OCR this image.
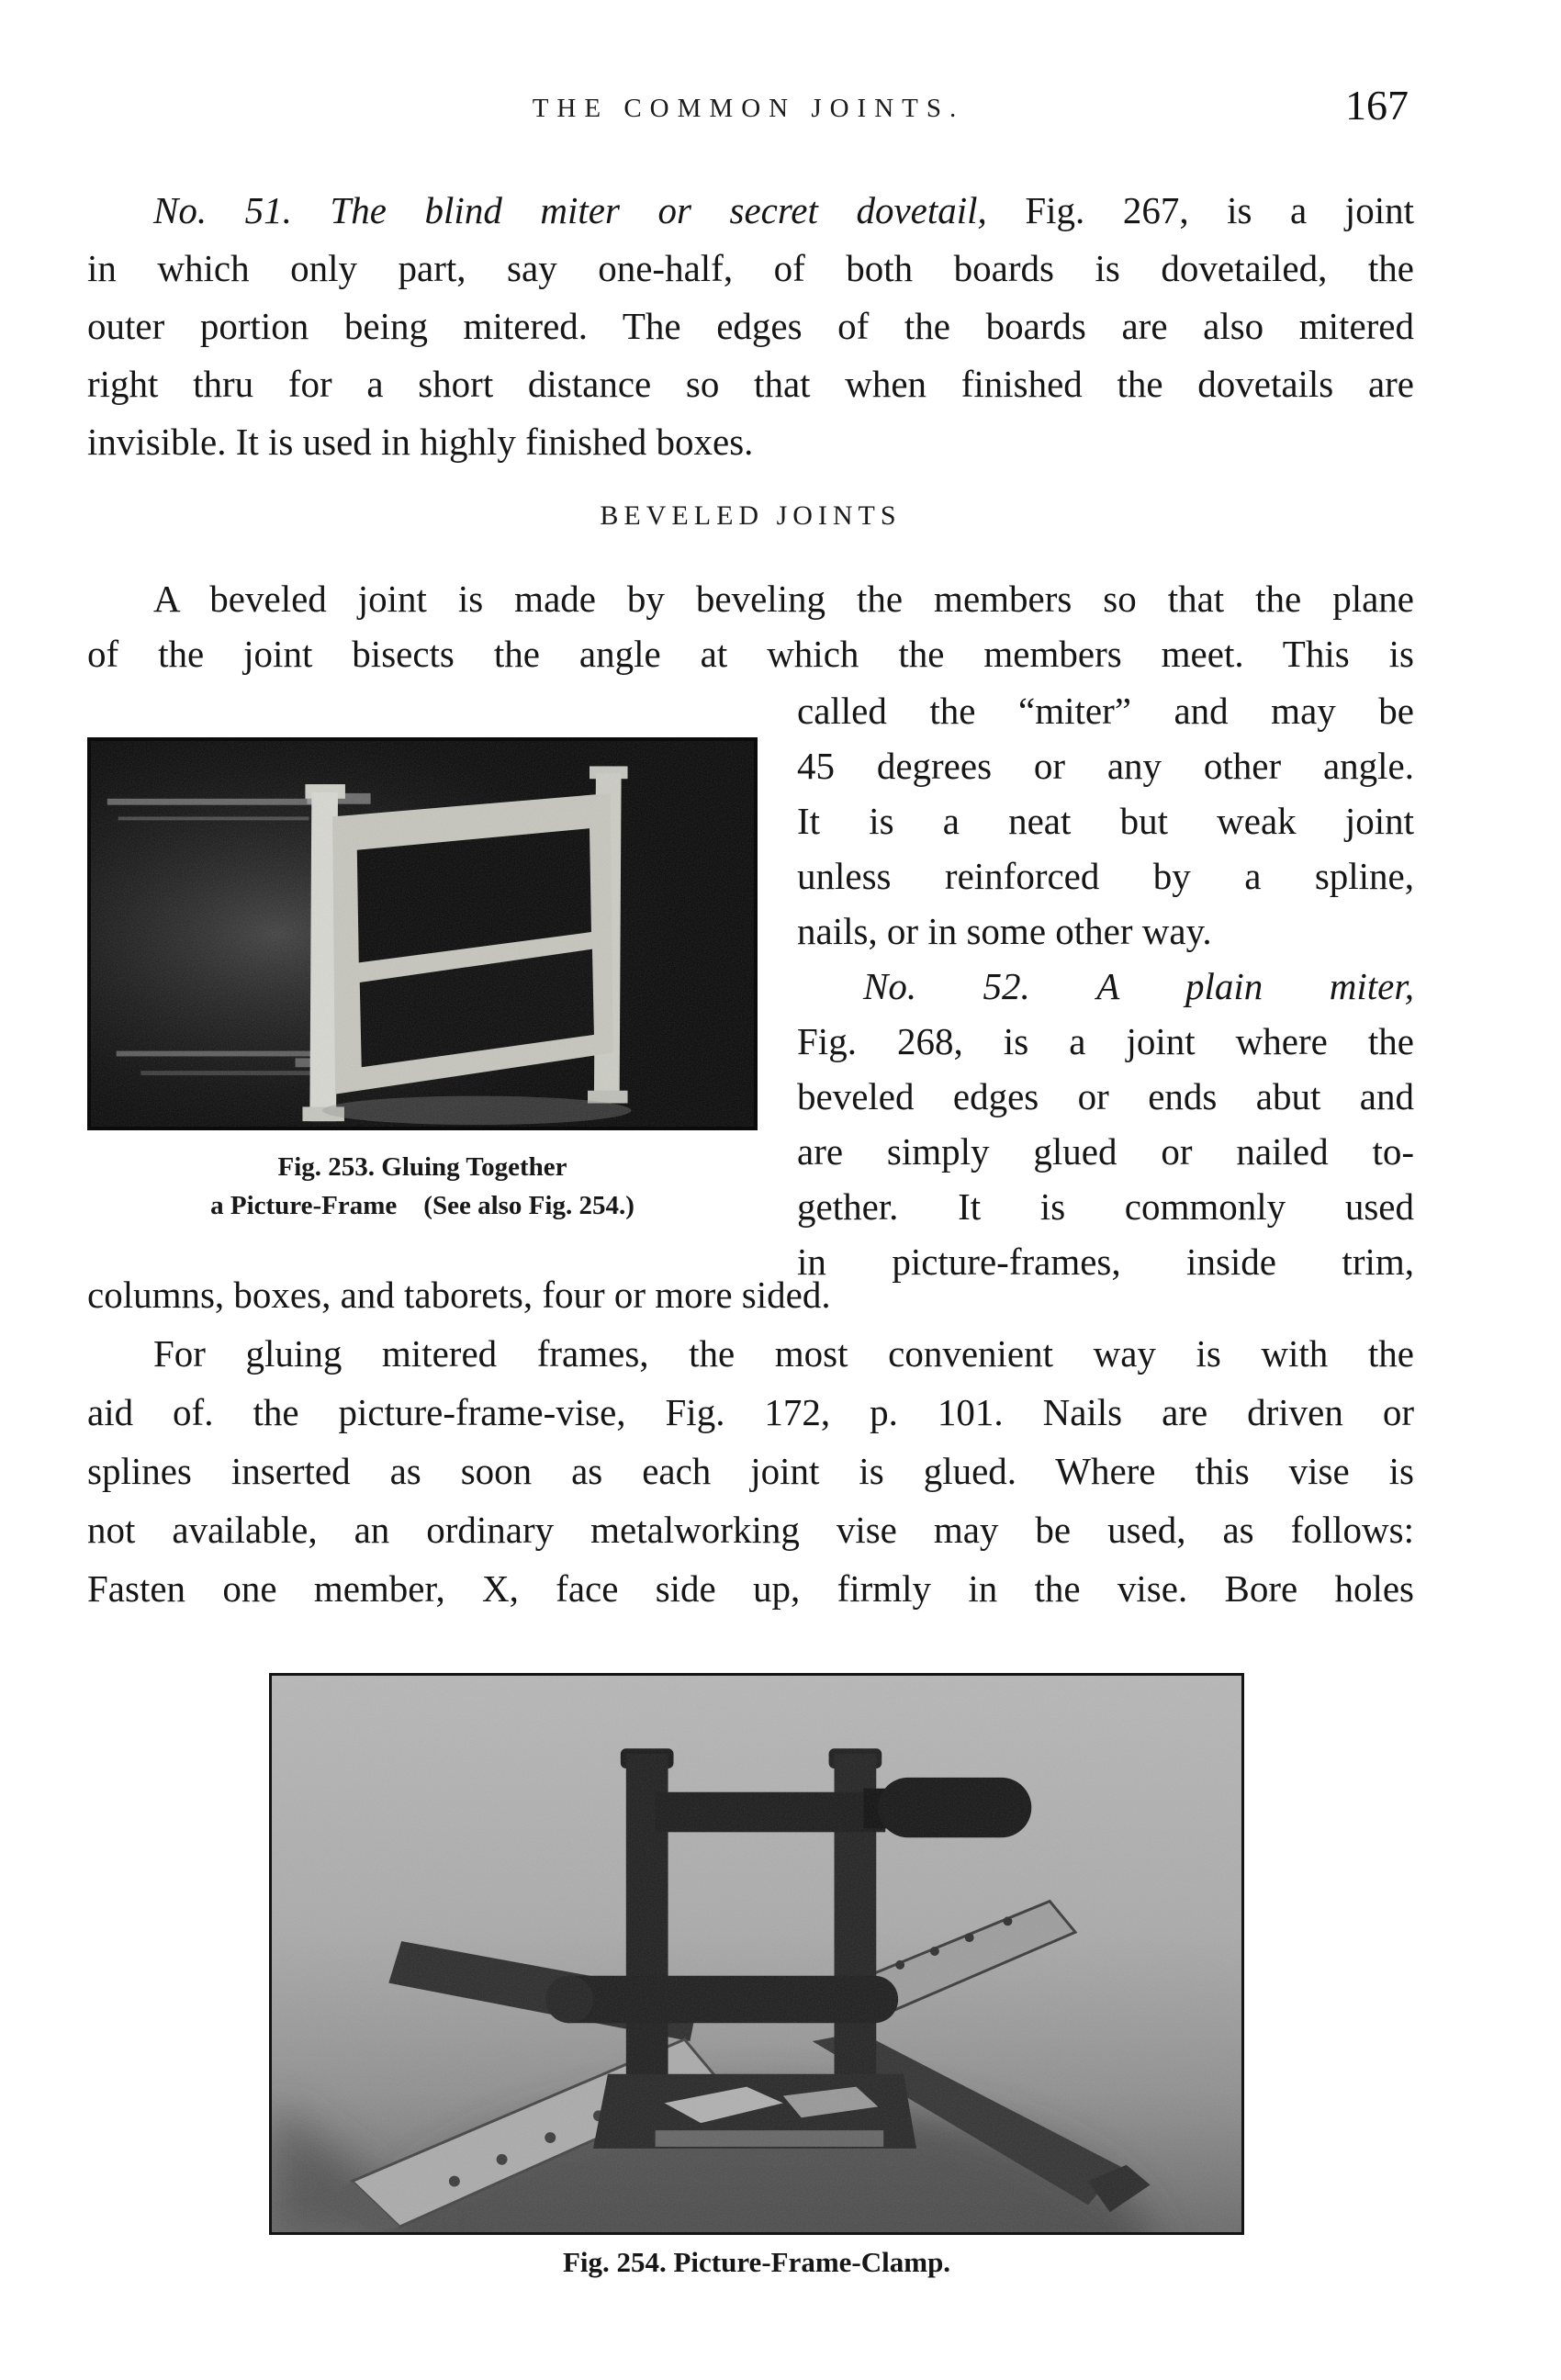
THE COMMON JOINTS.	167
No. 51. The blind miter or secret dovetail, Fig. 267, is a joint
in which only part, say one-half, of both boards is dovetailed, the
outer portion being mitered. The edges of the boards are also mitered
right thru for a short distance so that when finished the dovetails are
invisible. It is used in highly finished boxes.
BEVELED JOINTS
A beveled joint is made by beveling the members so that the plane
of the joint bisects the angle at which the members meet. This is
Fig. 253. Gluing Together
a Picture-Frame    (See also Fig. 254.)
called the “miter” and may be
45 degrees or any other angle.
It is a neat but weak joint
unless reinforced by a spline,
nails, or in some other way.
No. 52. A plain miter,
Fig. 268, is a joint where the
beveled edges or ends abut and
are simply glued or nailed to-
gether. It is commonly used
in picture-frames, inside trim,
columns, boxes, and taborets, four or more sided.
For gluing mitered frames, the most convenient way is with the
aid of. the picture-frame-vise, Fig. 172, p. 101. Nails are driven or
splines inserted as soon as each joint is glued. Where this vise is
not available, an ordinary metalworking vise may be used, as follows:
Fasten one member, X, face side up, firmly in the vise. Bore holes
Fig. 254. Picture-Frame-Clamp.
